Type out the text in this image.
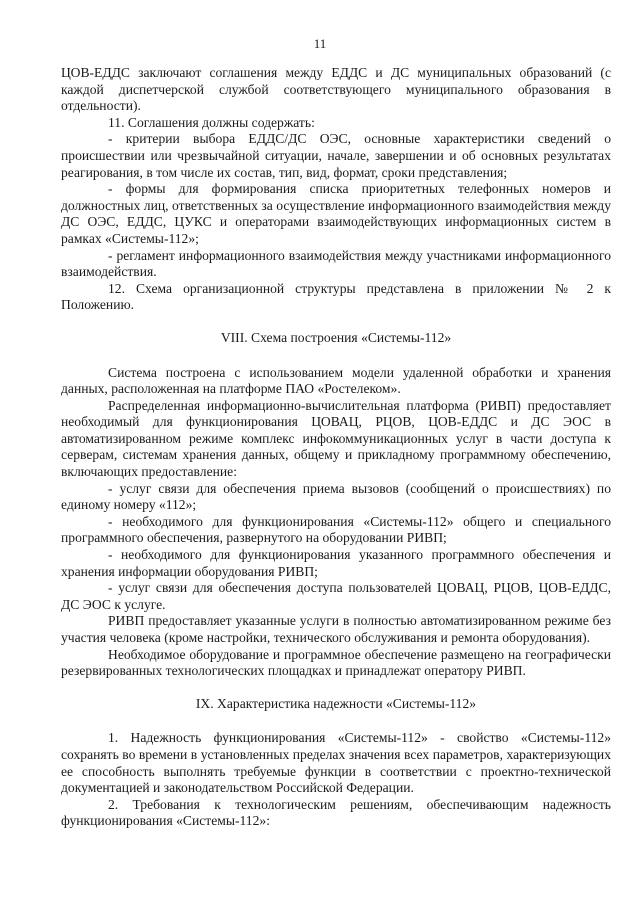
11

ЦОВ-ЕДДС заключают соглашения между ЕДДС и ДС муниципальных образований (с каждой диспетчерской службой соответствующего муниципального образования в отдельности).

11. Соглашения должны содержать:

- критерии выбора ЕДДС/ДС ОЭС, основные характеристики сведений о происшествии или чрезвычайной ситуации, начале, завершении и об основных результатах реагирования, в том числе их состав, тип, вид, формат, сроки представления;

- формы для формирования списка приоритетных телефонных номеров и должностных лиц, ответственных за осуществление информационного взаимодействия между ДС ОЭС, ЕДДС, ЦУКС и операторами взаимодействующих информационных систем в рамках «Системы-112»;

- регламент информационного взаимодействия между участниками информационного взаимодействия.

12. Схема организационной структуры представлена в приложении № 2 к Положению.

VIII. Схема построения «Системы-112»

Система построена с использованием модели удаленной обработки и хранения данных, расположенная на платформе ПАО «Ростелеком».

Распределенная информационно-вычислительная платформа (РИВП) предоставляет необходимый для функционирования ЦОВАЦ, РЦОВ, ЦОВ-ЕДДС и ДС ЭОС в автоматизированном режиме комплекс инфокоммуникационных услуг в части доступа к серверам, системам хранения данных, общему и прикладному программному обеспечению, включающих предоставление:

- услуг связи для обеспечения приема вызовов (сообщений о происшествиях) по единому номеру «112»;

- необходимого для функционирования «Системы-112» общего и специального программного обеспечения, развернутого на оборудовании РИВП;

- необходимого для функционирования указанного программного обеспечения и хранения информации оборудования РИВП;

- услуг связи для обеспечения доступа пользователей ЦОВАЦ, РЦОВ, ЦОВ-ЕДДС, ДС ЭОС к услуге.

РИВП предоставляет указанные услуги в полностью автоматизированном режиме без участия человека (кроме настройки, технического обслуживания и ремонта оборудования).

Необходимое оборудование и программное обеспечение размещено на географически резервированных технологических площадках и принадлежат оператору РИВП.

IX. Характеристика надежности «Системы-112»

1. Надежность функционирования «Системы-112» - свойство «Системы-112» сохранять во времени в установленных пределах значения всех параметров, характеризующих ее способность выполнять требуемые функции в соответствии с проектно-технической документацией и законодательством Российской Федерации.

2. Требования к технологическим решениям, обеспечивающим надежность функционирования «Системы-112»:
